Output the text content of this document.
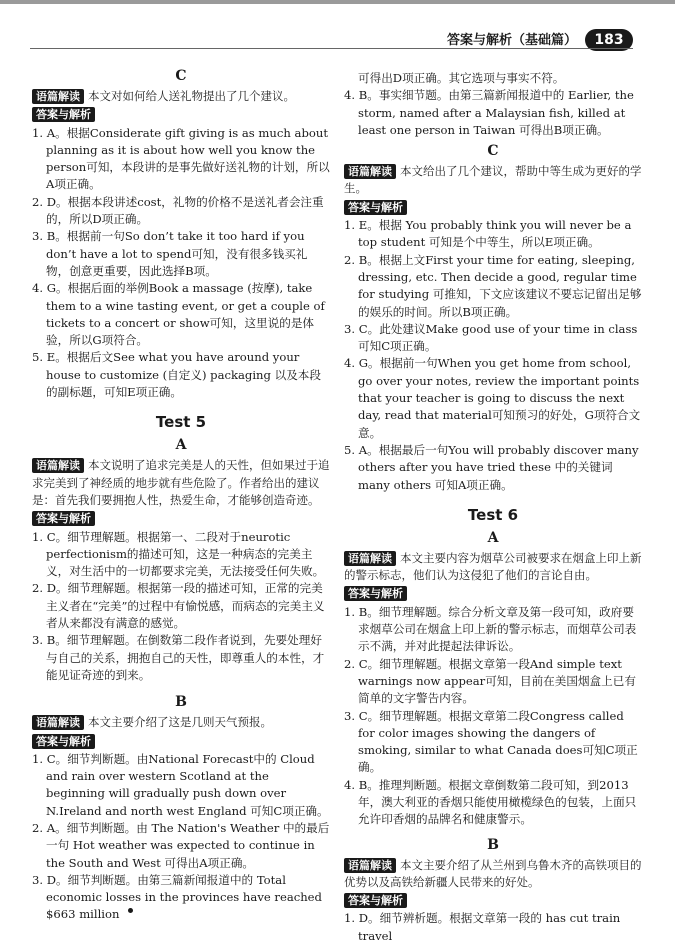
答案与解析（基础篇）	183
C
语篇解读 本文对如何给人送礼物提出了几个建议。
答案与解析

1. A。根据Considerate gift giving is as much about planning as it is about how well you know the person可知，本段讲的是事先做好送礼物的计划，所以A项正确。

2. D。根据本段讲述cost，礼物的价格不是送礼者会注重的，所以D项正确。

3. B。根据前一句So don’t take it too hard if you don’t have a lot to spend可知，没有很多钱买礼物，创意更重要，因此选择B项。

4. G。根据后面的举例Book a massage (按摩), take them to a wine tasting event, or get a couple of tickets to a concert or show可知，这里说的是体验，所以G项符合。

5. E。根据后文See what you have around your house to customize (自定义) packaging 以及本段的副标题，可知E项正确。

Test 5
A
语篇解读 本文说明了追求完美是人的天性，但如果过于追求完美到了神经质的地步就有些危险了。作者给出的建议是：首先我们要拥抱人性，热爱生命，才能够创造奇迹。
答案与解析

1. C。细节理解题。根据第一、二段对于neurotic perfectionism的描述可知，这是一种病态的完美主义，对生活中的一切都要求完美，无法接受任何失败。

2. D。细节理解题。根据第一段的描述可知，正常的完美主义者在“完美”的过程中有愉悦感，而病态的完美主义者从来都没有满意的感觉。

3. B。细节理解题。在倒数第二段作者说到，先要处理好与自己的关系，拥抱自己的天性，即尊重人的本性，才能见证奇迹的到来。

B
语篇解读 本文主要介绍了这是几则天气预报。
答案与解析

1. C。细节判断题。由National Forecast中的 Cloud and rain over western Scotland at the beginning will gradually push down over N.Ireland and north west England 可知C项正确。

2. A。细节判断题。由 The Nation's Weather 中的最后一句 Hot weather was expected to continue in the South and West 可得出A项正确。

3. D。细节判断题。由第三篇新闻报道中的 Total economic losses in the provinces have reached $663 million

可得出D项正确。其它选项与事实不符。

4. B。事实细节题。由第三篇新闻报道中的 Earlier, the storm, named after a Malaysian fish, killed at least one person in Taiwan 可得出B项正确。

C
语篇解读 本文给出了几个建议，帮助中等生成为更好的学生。
答案与解析

1. E。根据 You probably think you will never be a top student 可知是个中等生，所以E项正确。

2. B。根据上文First your time for eating, sleeping, dressing, etc. Then decide a good, regular time for studying 可推知，下文应该建议不要忘记留出足够的娱乐的时间。所以B项正确。

3. C。此处建议Make good use of your time in class 可知C项正确。

4. G。根据前一句When you get home from school, go over your notes, review the important points that your teacher is going to discuss the next day, read that material可知预习的好处，G项符合文意。

5. A。根据最后一句You will probably discover many others after you have tried these 中的关键词many others 可知A项正确。

Test 6
A
语篇解读 本文主要内容为烟草公司被要求在烟盒上印上新的警示标志，他们认为这侵犯了他们的言论自由。
答案与解析

1. B。细节理解题。综合分析文章及第一段可知，政府要求烟草公司在烟盒上印上新的警示标志，而烟草公司表示不满，并对此提起法律诉讼。

2. C。细节理解题。根据文章第一段And simple text warnings now appear可知，目前在美国烟盒上已有简单的文字警告内容。

3. C。细节理解题。根据文章第二段Congress called for color images showing the dangers of smoking, similar to what Canada does可知C项正确。

4. B。推理判断题。根据文章倒数第二段可知，到2013年，澳大利亚的香烟只能使用橄榄绿色的包装，上面只允许印香烟的品牌名和健康警示。

B
语篇解读 本文主要介绍了从兰州到乌鲁木齐的高铁项目的优势以及高铁给新疆人民带来的好处。
答案与解析

1. D。细节辨析题。根据文章第一段的 has cut train travel
